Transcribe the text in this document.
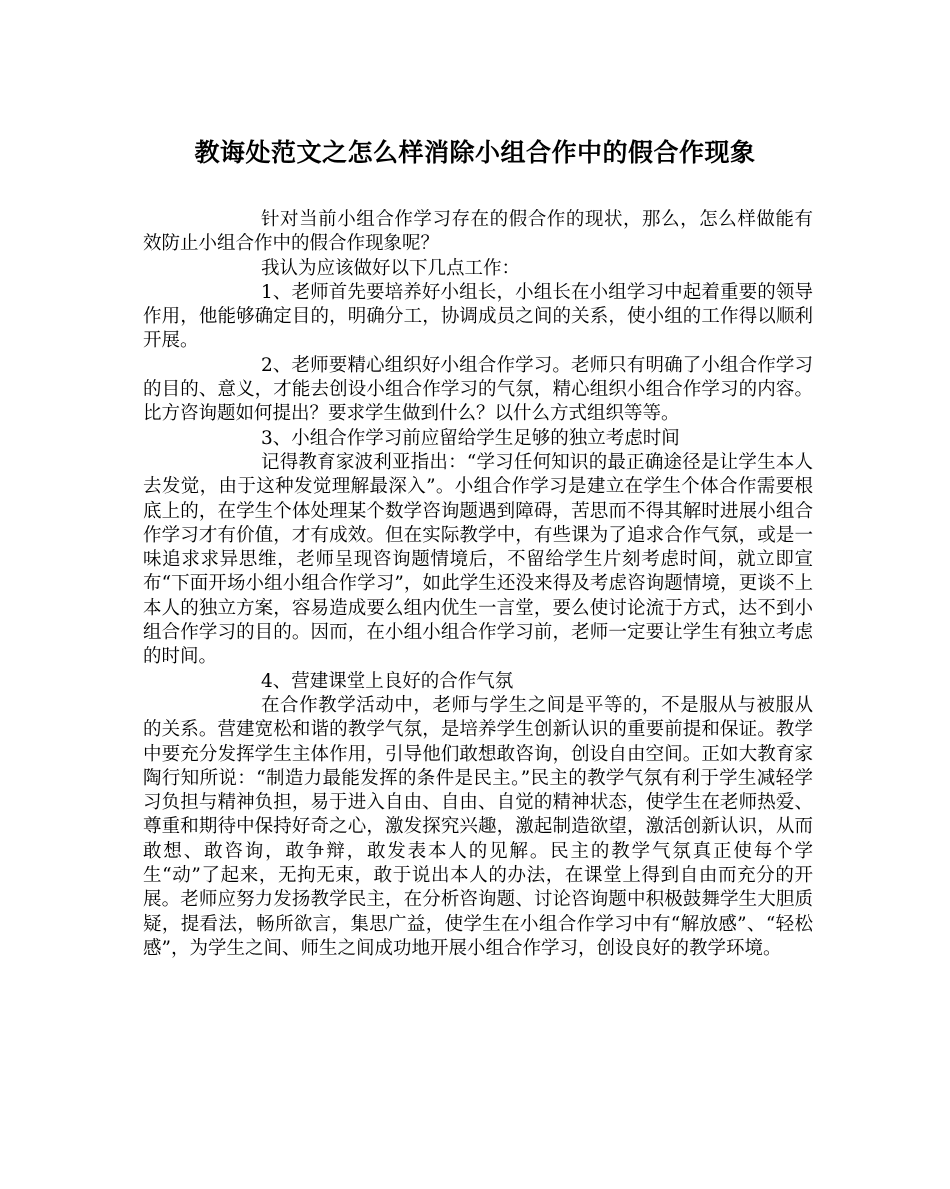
教诲处范文之怎么样消除小组合作中的假合作现象

针对当前小组合作学习存在的假合作的现状，那么，怎么样做能有效防止小组合作中的假合作现象呢？

我认为应该做好以下几点工作：

1、老师首先要培养好小组长，小组长在小组学习中起着重要的领导作用，他能够确定目的，明确分工，协调成员之间的关系，使小组的工作得以顺利开展。

2、老师要精心组织好小组合作学习。老师只有明确了小组合作学习的目的、意义，才能去创设小组合作学习的气氛，精心组织小组合作学习的内容。比方咨询题如何提出？要求学生做到什么？以什么方式组织等等。

3、小组合作学习前应留给学生足够的独立考虑时间

记得教育家波利亚指出：“学习任何知识的最正确途径是让学生本人去发觉，由于这种发觉理解最深入”。小组合作学习是建立在学生个体合作需要根底上的，在学生个体处理某个数学咨询题遇到障碍，苦思而不得其解时进展小组合作学习才有价值，才有成效。但在实际教学中，有些课为了追求合作气氛，或是一味追求求异思维，老师呈现咨询题情境后，不留给学生片刻考虑时间，就立即宣布“下面开场小组小组合作学习”，如此学生还没来得及考虑咨询题情境，更谈不上本人的独立方案，容易造成要么组内优生一言堂，要么使讨论流于方式，达不到小组合作学习的目的。因而，在小组小组合作学习前，老师一定要让学生有独立考虑的时间。

4、营建课堂上良好的合作气氛

在合作教学活动中，老师与学生之间是平等的，不是服从与被服从的关系。营建宽松和谐的教学气氛，是培养学生创新认识的重要前提和保证。教学中要充分发挥学生主体作用，引导他们敢想敢咨询，创设自由空间。正如大教育家陶行知所说：“制造力最能发挥的条件是民主。”民主的教学气氛有利于学生减轻学习负担与精神负担，易于进入自由、自由、自觉的精神状态，使学生在老师热爱、尊重和期待中保持好奇之心，激发探究兴趣，激起制造欲望，激活创新认识，从而敢想、敢咨询，敢争辩，敢发表本人的见解。民主的教学气氛真正使每个学生“动”了起来，无拘无束，敢于说出本人的办法，在课堂上得到自由而充分的开展。老师应努力发扬教学民主，在分析咨询题、讨论咨询题中积极鼓舞学生大胆质疑，提看法，畅所欲言，集思广益，使学生在小组合作学习中有“解放感”、“轻松感”，为学生之间、师生之间成功地开展小组合作学习，创设良好的教学环境。
